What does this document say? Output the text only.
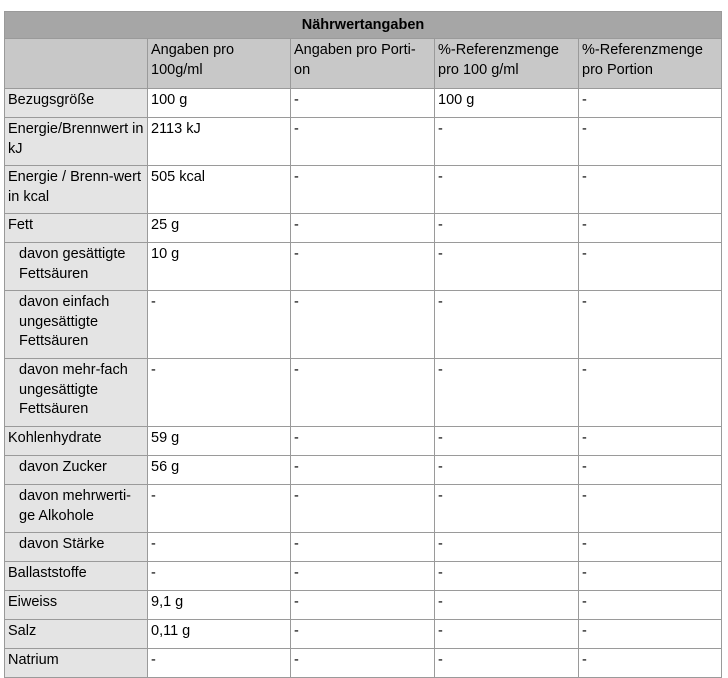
Nährwertangaben				
	Angaben pro 100g/ml	Angaben pro Porti-on	%-Referenzmenge pro 100 g/ml	%-Referenzmenge pro Portion
Bezugsgröße	100 g	-	100 g	-
Energie/Brennwert in kJ	2113 kJ	-	-	-
Energie / Brenn-wert in kcal	505 kcal	-	-	-
Fett	25 g	-	-	-
davon gesättigte Fettsäuren	10 g	-	-	-
davon einfach ungesättigte Fettsäuren	-	-	-	-
davon mehr-fach ungesättigte Fettsäuren	-	-	-	-
Kohlenhydrate	59 g	-	-	-
davon Zucker	56 g	-	-	-
davon mehrwerti-ge Alkohole	-	-	-	-
davon Stärke	-	-	-	-
Ballaststoffe	-	-	-	-
Eiweiss	9,1 g	-	-	-
Salz	0,11 g	-	-	-
Natrium	-	-	-	-
